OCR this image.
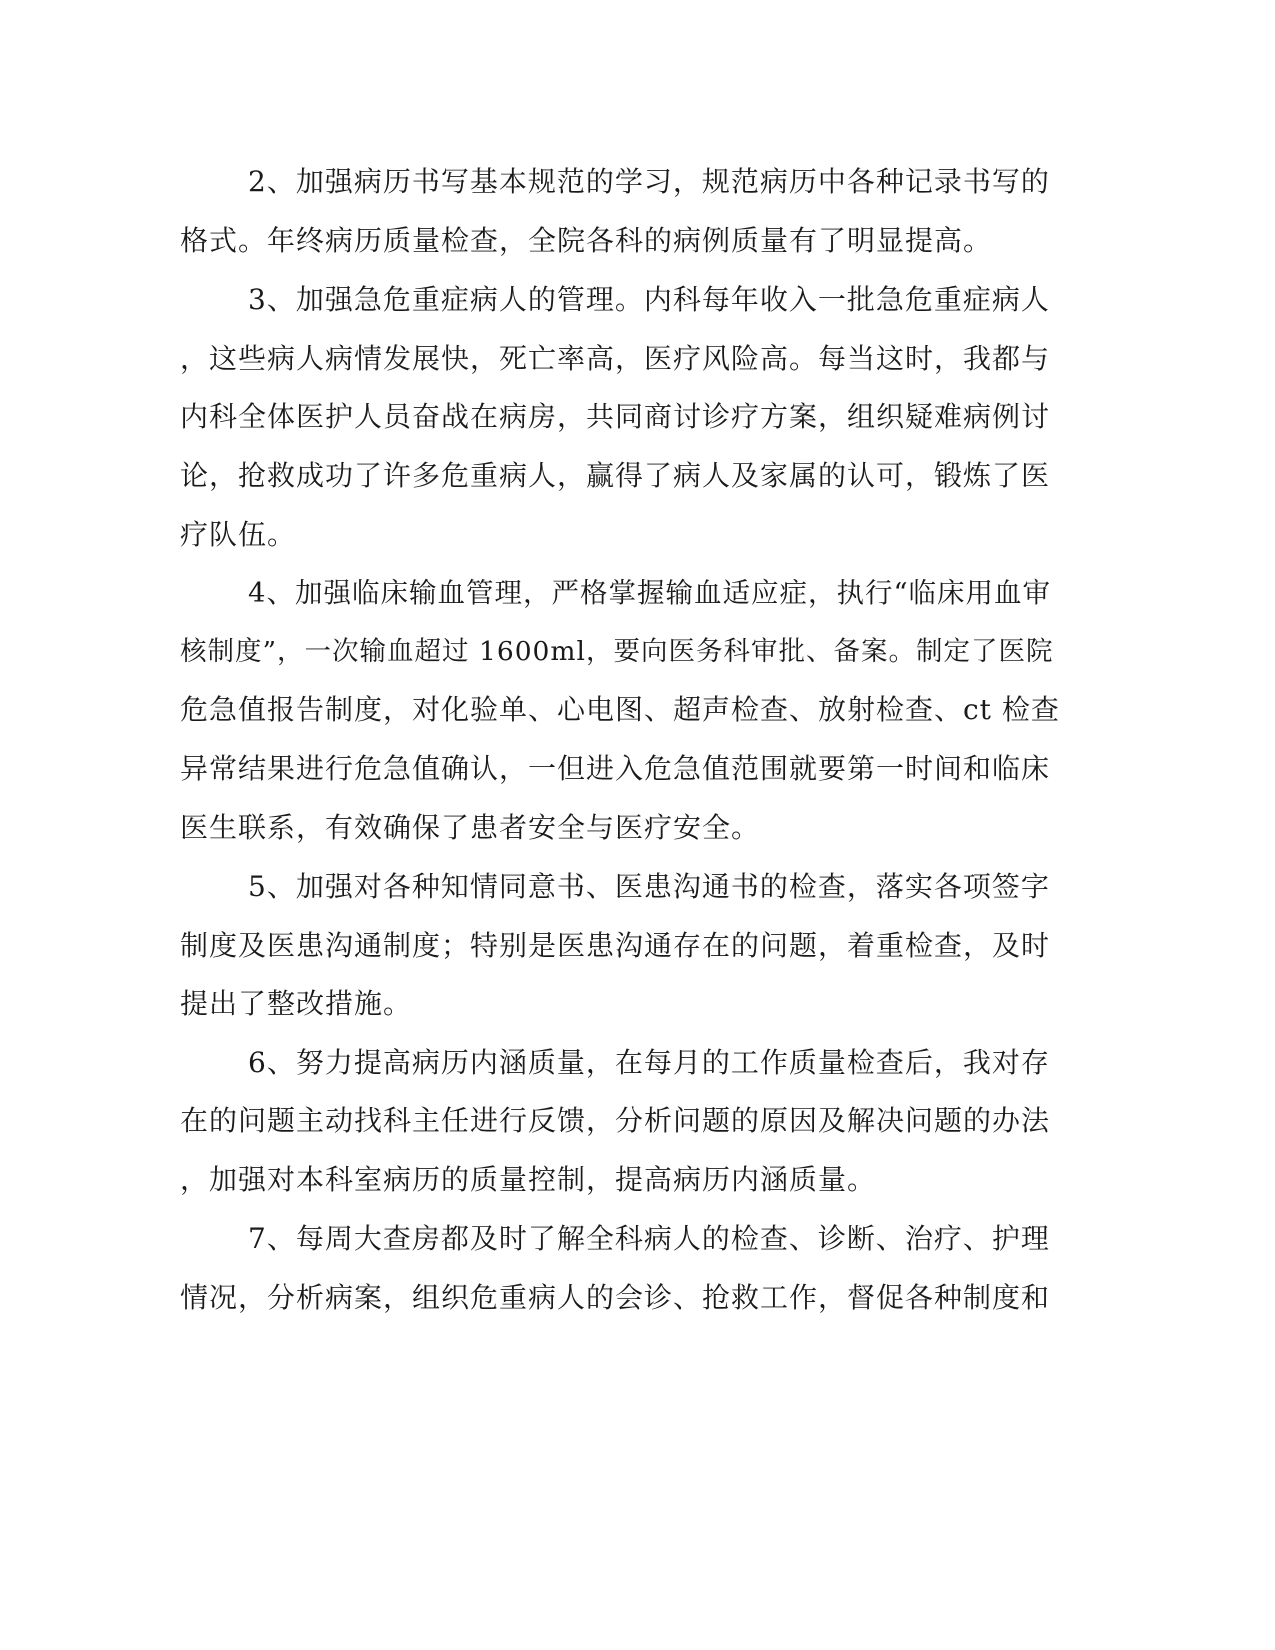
2、加强病历书写基本规范的学习，规范病历中各种记录书写的
格式。年终病历质量检查，全院各科的病例质量有了明显提高。
3、加强急危重症病人的管理。内科每年收入一批急危重症病人
，这些病人病情发展快，死亡率高，医疗风险高。每当这时，我都与
内科全体医护人员奋战在病房，共同商讨诊疗方案，组织疑难病例讨
论，抢救成功了许多危重病人，赢得了病人及家属的认可，锻炼了医
疗队伍。
4、加强临床输血管理，严格掌握输血适应症，执行“临床用血审
核制度”，一次输血超过 1600ml，要向医务科审批、备案。制定了医院
危急值报告制度，对化验单、心电图、超声检查、放射检查、ct 检查
异常结果进行危急值确认，一但进入危急值范围就要第一时间和临床
医生联系，有效确保了患者安全与医疗安全。
5、加强对各种知情同意书、医患沟通书的检查，落实各项签字
制度及医患沟通制度；特别是医患沟通存在的问题，着重检查，及时
提出了整改措施。
6、努力提高病历内涵质量，在每月的工作质量检查后，我对存
在的问题主动找科主任进行反馈，分析问题的原因及解决问题的办法
，加强对本科室病历的质量控制，提高病历内涵质量。
7、每周大查房都及时了解全科病人的检查、诊断、治疗、护理
情况，分析病案，组织危重病人的会诊、抢救工作，督促各种制度和
